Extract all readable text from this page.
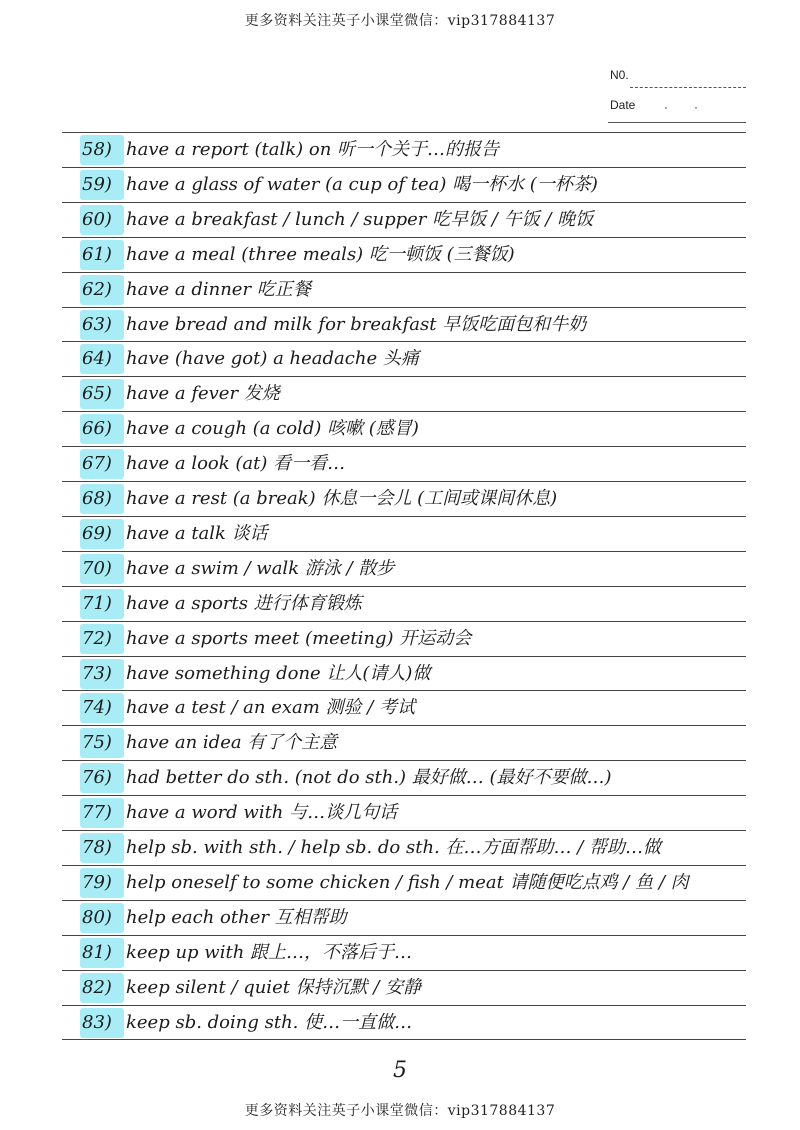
更多资料关注英子小课堂微信：vip317884137
N0.
Date · ·
58) have a report (talk) on 听一个关于…的报告
59) have a glass of water (a cup of tea) 喝一杯水 (一杯茶)
60) have a breakfast / lunch / supper 吃早饭 / 午饭 / 晚饭
61) have a meal (three meals) 吃一顿饭 (三餐饭)
62) have a dinner 吃正餐
63) have bread and milk for breakfast 早饭吃面包和牛奶
64) have (have got) a headache 头痛
65) have a fever 发烧
66) have a cough (a cold) 咳嗽 (感冒)
67) have a look (at) 看一看…
68) have a rest (a break) 休息一会儿 (工间或课间休息)
69) have a talk 谈话
70) have a swim / walk 游泳 / 散步
71) have a sports 进行体育锻炼
72) have a sports meet (meeting) 开运动会
73) have something done 让人(请人)做
74) have a test / an exam 测验 / 考试
75) have an idea 有了个主意
76) had better do sth. (not do sth.) 最好做… (最好不要做…)
77) have a word with 与…谈几句话
78) help sb. with sth. / help sb. do sth. 在…方面帮助… / 帮助…做
79) help oneself to some chicken / fish / meat 请随便吃点鸡 / 鱼 / 肉
80) help each other 互相帮助
81) keep up with 跟上…，不落后于…
82) keep silent / quiet 保持沉默 / 安静
83) keep sb. doing sth. 使…一直做…
5
更多资料关注英子小课堂微信：vip317884137
